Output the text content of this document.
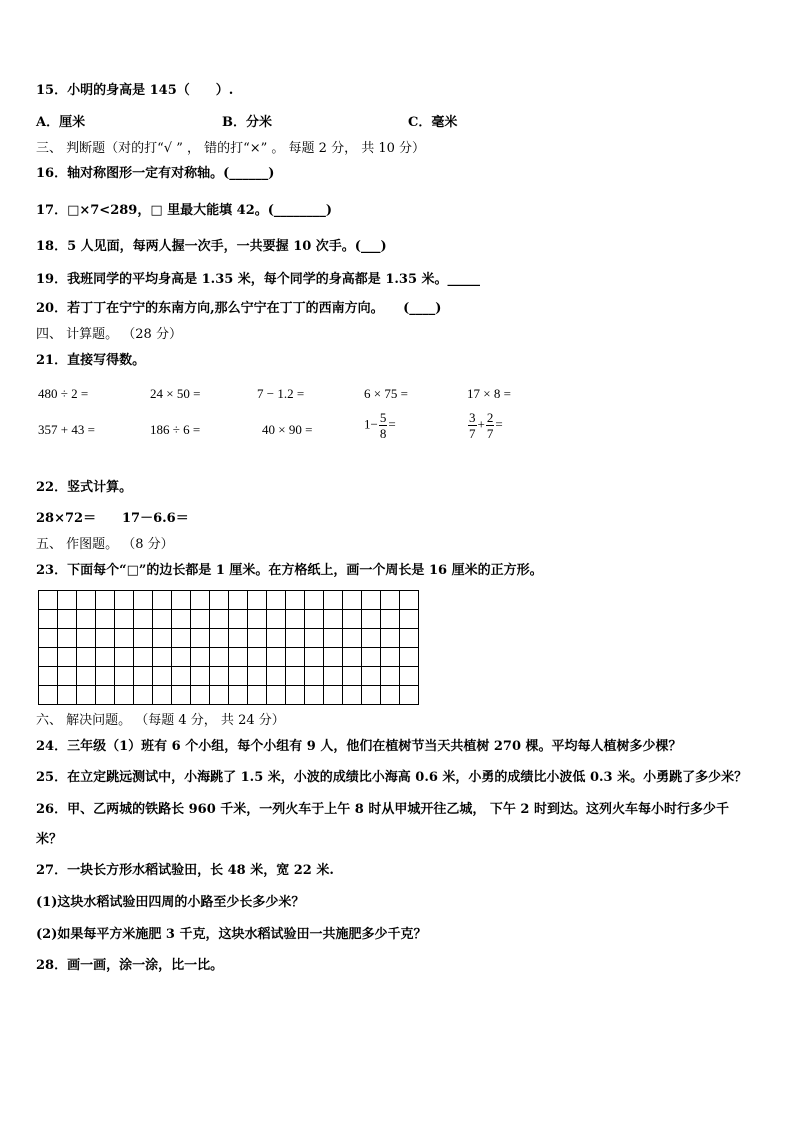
15．小明的身高是 145（　　）.
A．厘米	B．分米	C．毫米
三、 判断题（对的打“√ ” ， 错的打“×” 。 每题 2 分， 共 10 分）
16．轴对称图形一定有对称轴。(______)
17．□×7<289，□ 里最大能填 42。(________)
18．5 人见面，每两人握一次手，一共要握 10 次手。(___)
19．我班同学的平均身高是 1.35 米，每个同学的身高都是 1.35 米。_____
20．若丁丁在宁宁的东南方向,那么宁宁在丁丁的西南方向。　　(____)
四、 计算题。 （28 分）
21．直接写得数。
480 ÷ 2 =	24 × 50 =	7 − 1.2 =	6 × 75 =	17 × 8 =
357 + 43 =	186 ÷ 6 =	40 × 90 =	$1- \frac{5}{8}$ =	$\frac{3}{7} + \frac{2}{7}$ =
22．竖式计算。
28×72＝ 17－6.6＝
五、 作图题。 （8 分）
23．下面每个“□”的边长都是 1 厘米。在方格纸上，画一个周长是 16 厘米的正方形。
六、 解决问题。 （每题 4 分， 共 24 分）
24．三年级（1）班有 6 个小组，每个小组有 9 人，他们在植树节当天共植树 270 棵。平均每人植树多少棵？
25．在立定跳远测试中，小海跳了 1.5 米，小波的成绩比小海高 0.6 米，小勇的成绩比小波低 0.3 米。小勇跳了多少米？
26．甲、乙两城的铁路长 960 千米，一列火车于上午 8 时从甲城开往乙城， 下午 2 时到达。这列火车每小时行多少千
米？
27．一块长方形水稻试验田，长 48 米，宽 22 米.
(1)这块水稻试验田四周的小路至少长多少米？
(2)如果每平方米施肥 3 千克，这块水稻试验田一共施肥多少千克？
28．画一画，涂一涂，比一比。
